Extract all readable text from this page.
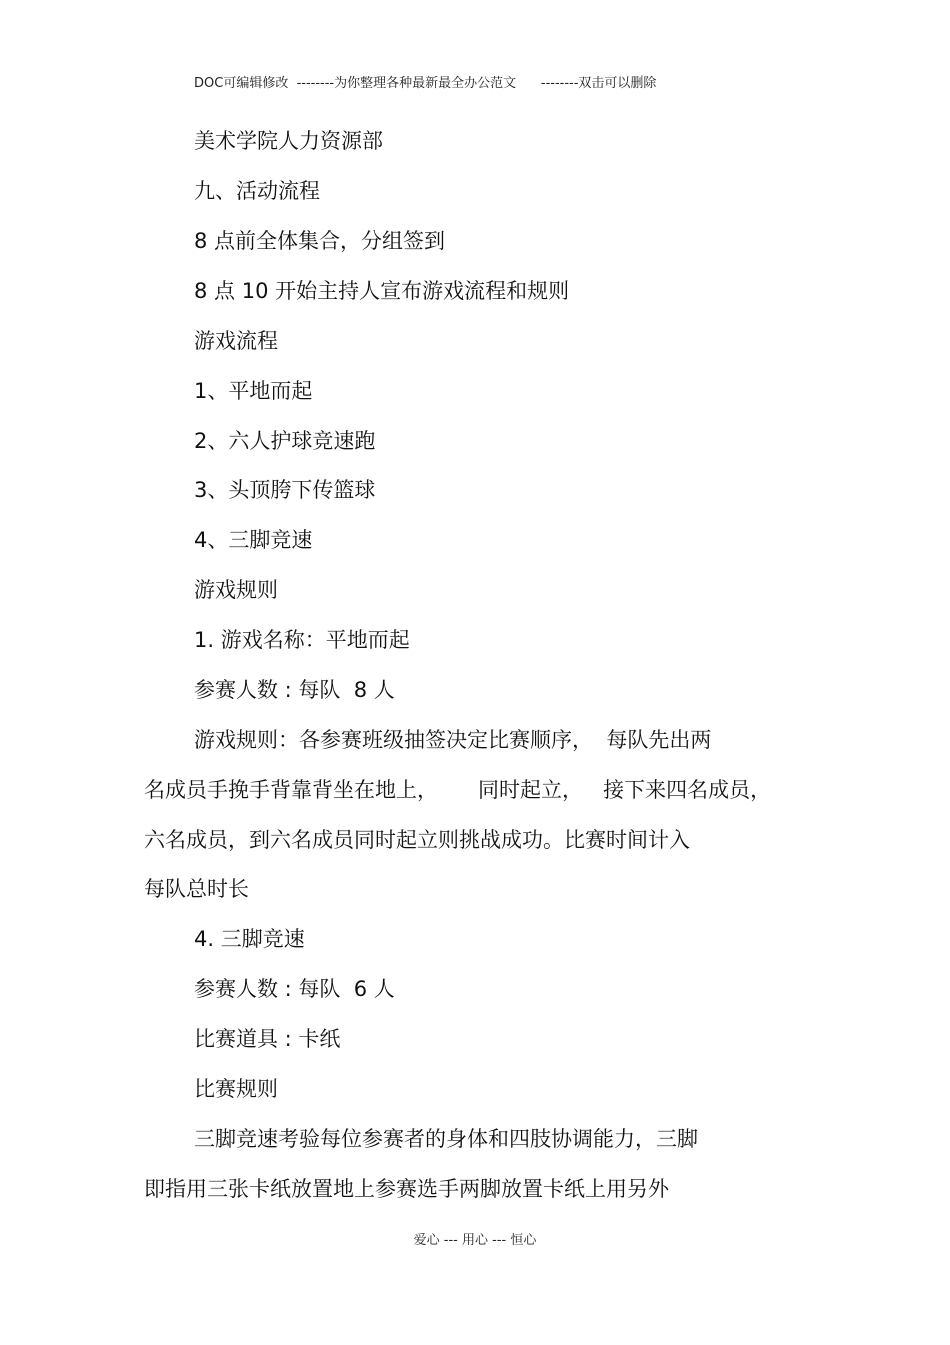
DOC可编辑修改  --------为你整理各种最新最全办公范文      --------双击可以删除
美术学院人力资源部
九、活动流程
8 点前全体集合，分组签到
8 点 10 开始主持人宣布游戏流程和规则
游戏流程
1、平地而起
2、六人护球竞速跑
3、头顶胯下传篮球
4、三脚竞速
游戏规则
1. 游戏名称：平地而起
参赛人数 : 每队  8 人
游戏规则：各参赛班级抽签决定比赛顺序，  每队先出两
名成员手挽手背靠背坐在地上，      同时起立，   接下来四名成员，
六名成员，到六名成员同时起立则挑战成功。比赛时间计入
每队总时长
4. 三脚竞速
参赛人数 : 每队  6 人
比赛道具 : 卡纸
比赛规则
三脚竞速考验每位参赛者的身体和四肢协调能力，三脚
即指用三张卡纸放置地上参赛选手两脚放置卡纸上用另外
爱心 --- 用心 --- 恒心
